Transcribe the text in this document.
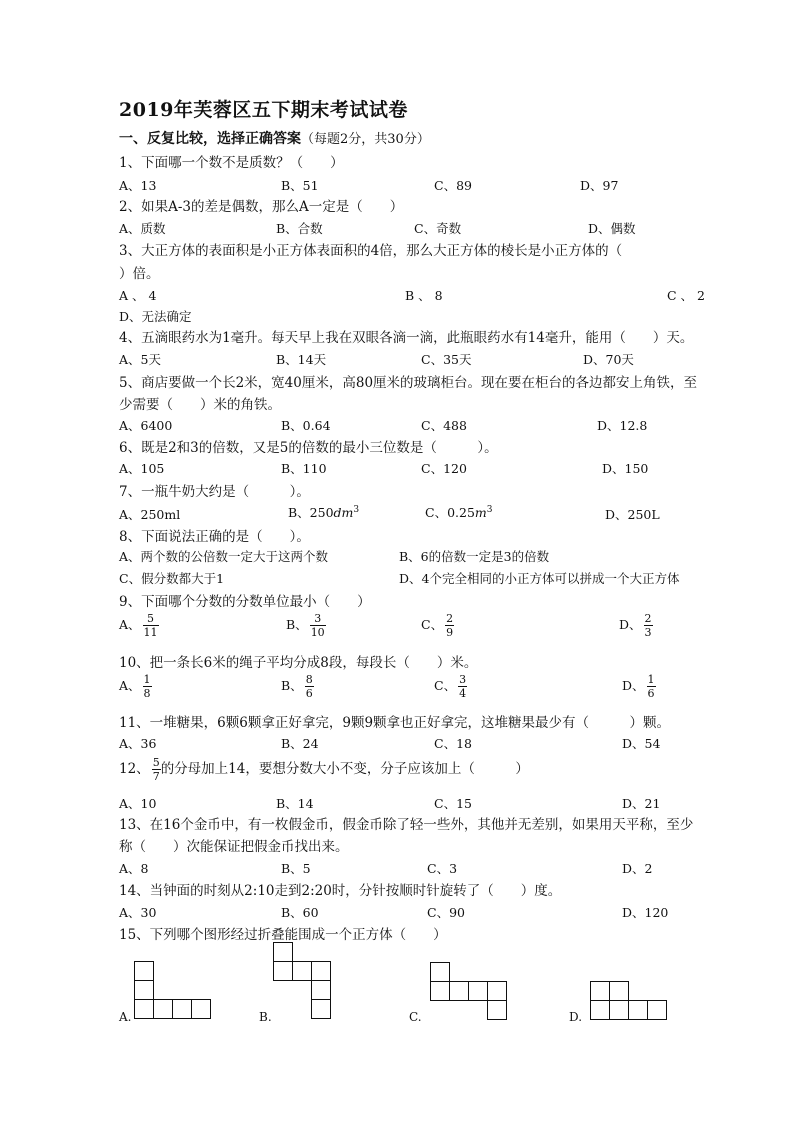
2019年芙蓉区五下期末考试试卷
一、反复比较，选择正确答案（每题2分，共30分）
1、下面哪一个数不是质数？（　　）
A、13	B、51	C、89	D、97
2、如果A-3的差是偶数，那么A一定是（　　）
A、质数	B、合数	C、奇数	D、偶数
3、大正方体的表面积是小正方体表面积的4倍，那么大正方体的棱长是小正方体的（
）倍。
A 、 4	B 、 8	C 、 2
D、无法确定
4、五滴眼药水为1毫升。每天早上我在双眼各滴一滴，此瓶眼药水有14毫升，能用（　　）天。
A、5天	B、14天	C、35天	D、70天
5、商店要做一个长2米，宽40厘米，高80厘米的玻璃柜台。现在要在柜台的各边都安上角铁，至
少需要（　　）米的角铁。
A、6400	B、0.64	C、488	D、12.8
6、既是2和3的倍数，又是5的倍数的最小三位数是（　　　）。
A、105	B、110	C、120	D、150
7、一瓶牛奶大约是（　　　）。
A、250ml	B、$250dm^3$	C、$0.25m^3$	D、250L
8、下面说法正确的是（　　）。
A、两个数的公倍数一定大于这两个数	B、6的倍数一定是3的倍数
C、假分数都大于1	D、4个完全相同的小正方体可以拼成一个大正方体
9、下面哪个分数的分数单位最小（　　）
A、 $\frac{5}{11}$	B、 $\frac{3}{10}$	C、 $\frac{2}{9}$	D、 $\frac{2}{3}$
10、把一条长6米的绳子平均分成8段，每段长（　　）米。
A、 $\frac{1}{8}$	B、 $\frac{8}{6}$	C、 $\frac{3}{4}$	D、 $\frac{1}{6}$
11、一堆糖果，6颗6颗拿正好拿完，9颗9颗拿也正好拿完，这堆糖果最少有（　　　）颗。
A、36	B、24	C、18	D、54
12、 $\frac{5}{7}$ 的分母加上14，要想分数大小不变，分子应该加上（　　　）
A、10	B、14	C、15	D、21
13、在16个金币中，有一枚假金币，假金币除了轻一些外，其他并无差别，如果用天平称，至少
称（　　）次能保证把假金币找出来。
A、8	B、5	C、3	D、2
14、当钟面的时刻从2:10走到2:20时，分针按顺时针旋转了（　　）度。
A、30	B、60	C、90	D、120
15、下列哪个图形经过折叠能围成一个正方体（　　）
A.	B.	C.	D.
